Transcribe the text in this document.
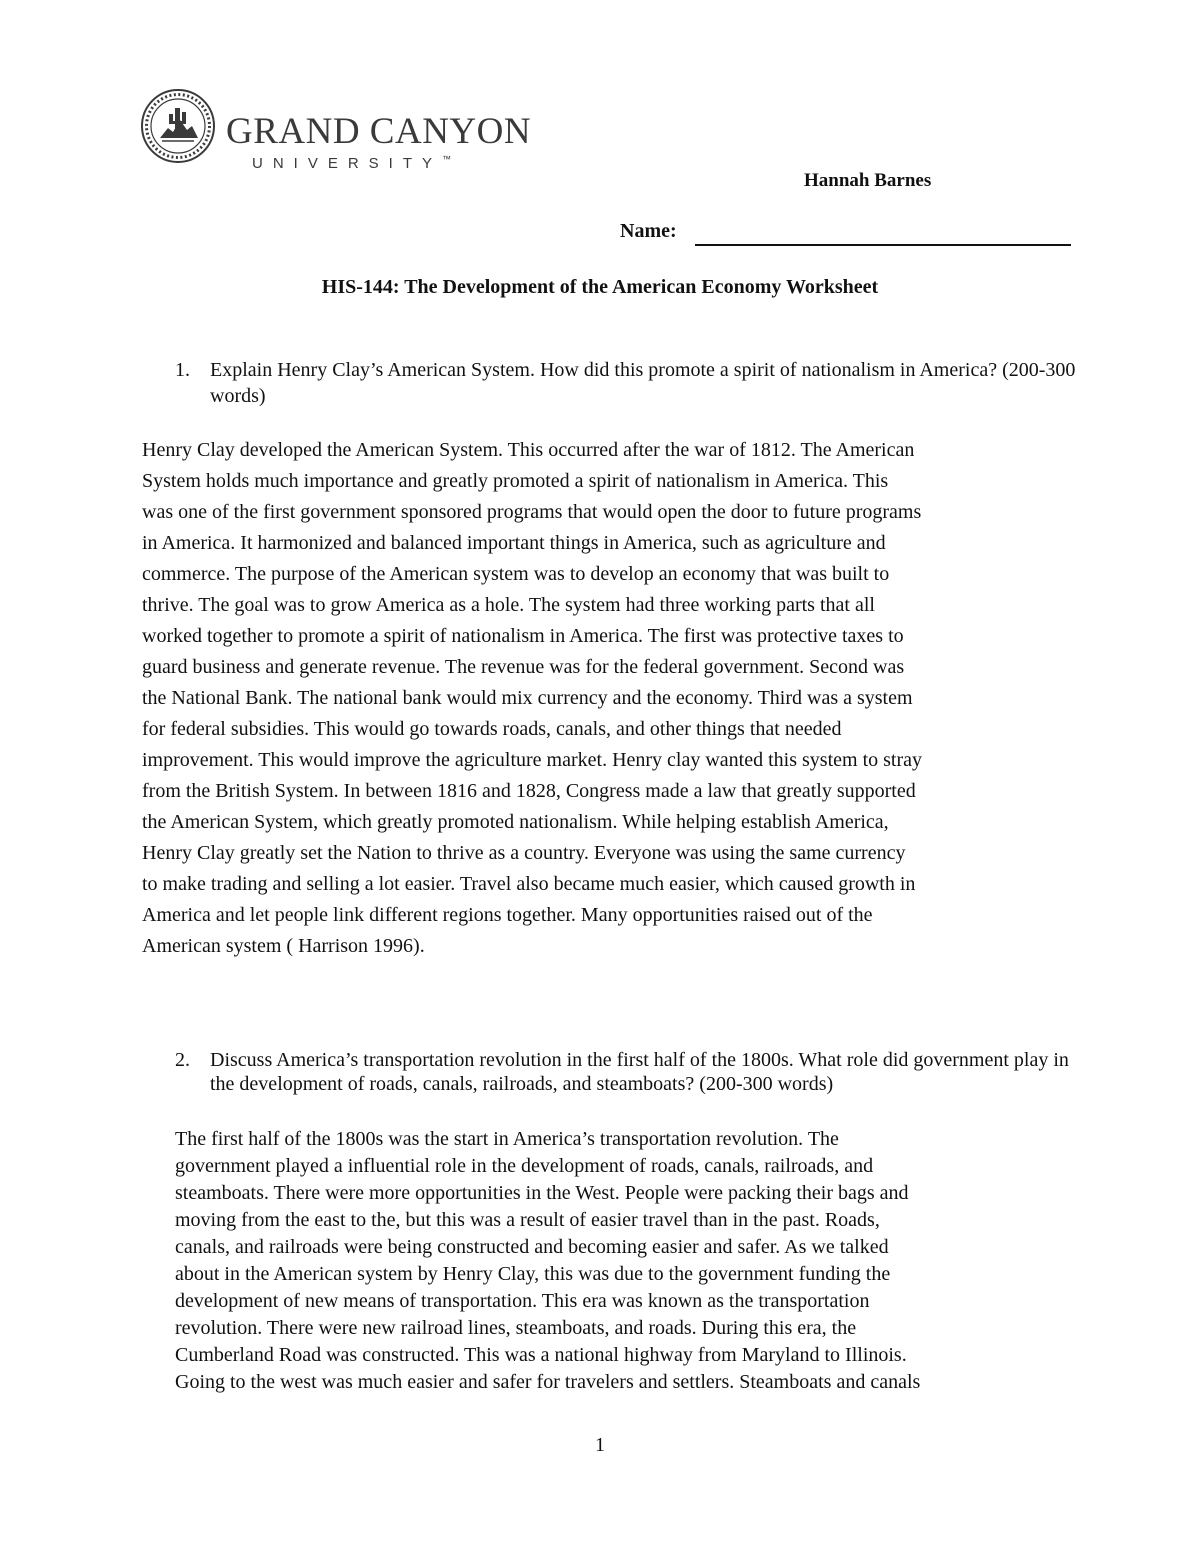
GRAND CANYON
UNIVERSITY™
Hannah Barnes
Name:
HIS-144: The Development of the American Economy Worksheet
1. Explain Henry Clay’s American System. How did this promote a spirit of nationalism in America? (200-300 words)
Henry Clay developed the American System. This occurred after the war of 1812. The American
System holds much importance and greatly promoted a spirit of nationalism in America. This
was one of the first government sponsored programs that would open the door to future programs
in America. It harmonized and balanced important things in America, such as agriculture and
commerce. The purpose of the American system was to develop an economy that was built to
thrive. The goal was to grow America as a hole. The system had three working parts that all
worked together to promote a spirit of nationalism in America. The first was protective taxes to
guard business and generate revenue. The revenue was for the federal government. Second was
the National Bank. The national bank would mix currency and the economy. Third was a system
for federal subsidies. This would go towards roads, canals, and other things that needed
improvement. This would improve the agriculture market. Henry clay wanted this system to stray
from the British System. In between 1816 and 1828, Congress made a law that greatly supported
the American System, which greatly promoted nationalism. While helping establish America,
Henry Clay greatly set the Nation to thrive as a country. Everyone was using the same currency
to make trading and selling a lot easier. Travel also became much easier, which caused growth in
America and let people link different regions together. Many opportunities raised out of the
American system ( Harrison 1996).
2. Discuss America’s transportation revolution in the first half of the 1800s. What role did government play in the development of roads, canals, railroads, and steamboats? (200-300 words)
The first half of the 1800s was the start in America’s transportation revolution. The
government played a influential role in the development of roads, canals, railroads, and
steamboats. There were more opportunities in the West. People were packing their bags and
moving from the east to the, but this was a result of easier travel than in the past. Roads,
canals, and railroads were being constructed and becoming easier and safer. As we talked
about in the American system by Henry Clay, this was due to the government funding the
development of new means of transportation. This era was known as the transportation
revolution. There were new railroad lines, steamboats, and roads. During this era, the
Cumberland Road was constructed. This was a national highway from Maryland to Illinois.
Going to the west was much easier and safer for travelers and settlers. Steamboats and canals
1
